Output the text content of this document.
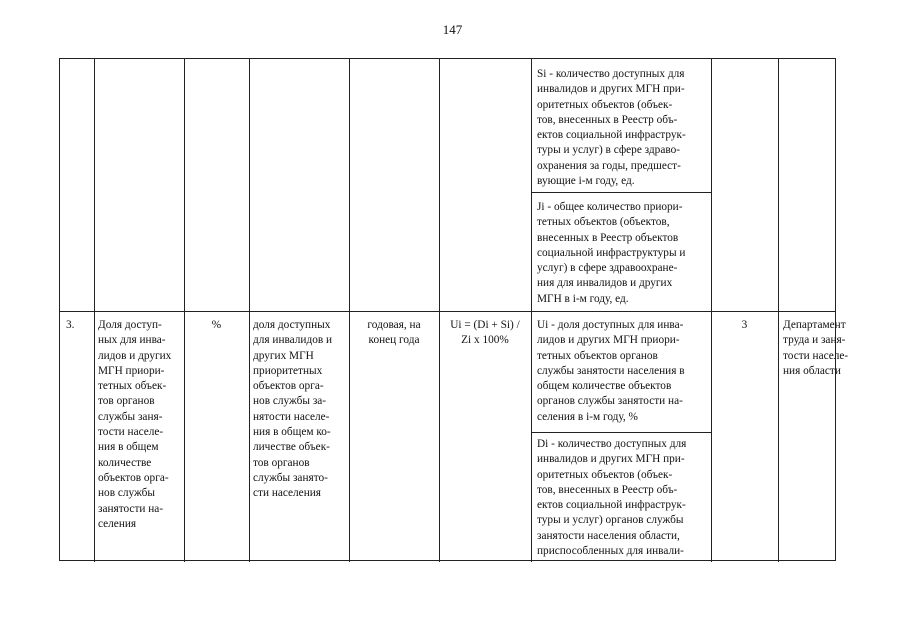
147
Si - количество доступных для
инвалидов и других МГН при-
оритетных объектов (объек-
тов, внесенных в Реестр объ-
ектов социальной инфраструк-
туры и услуг) в сфере здраво-
охранения за годы, предшест-
вующие i-м году, ед.
Ji - общее количество приори-
тетных объектов (объектов,
внесенных в Реестр объектов
социальной инфраструктуры и
услуг) в сфере здравоохране-
ния для инвалидов и других
МГН в i-м году, ед.
3. Доля доступ-
ных для инва-
лидов и других
МГН приори-
тетных объек-
тов органов
службы заня-
тости населе-
ния в общем
количестве
объектов орга-
нов службы
занятости на-
селения
%	доля доступных
для инвалидов и
других МГН
приоритетных
объектов орга-
нов службы за-
нятости населе-
ния в общем ко-
личестве объек-
тов органов
службы занято-
сти населения
годовая, на
конец года
Ui = (Di + Si) /
Zi x 100%
Ui - доля доступных для инва-
лидов и других МГН приори-
тетных объектов органов
службы занятости населения в
общем количестве объектов
органов службы занятости на-
селения в i-м году, %
Di - количество доступных для
инвалидов и других МГН при-
оритетных объектов (объек-
тов, внесенных в Реестр объ-
ектов социальной инфраструк-
туры и услуг) органов службы
занятости населения области,
приспособленных для инвали-
3	Департамент
труда и заня-
тости населе-
ния области
